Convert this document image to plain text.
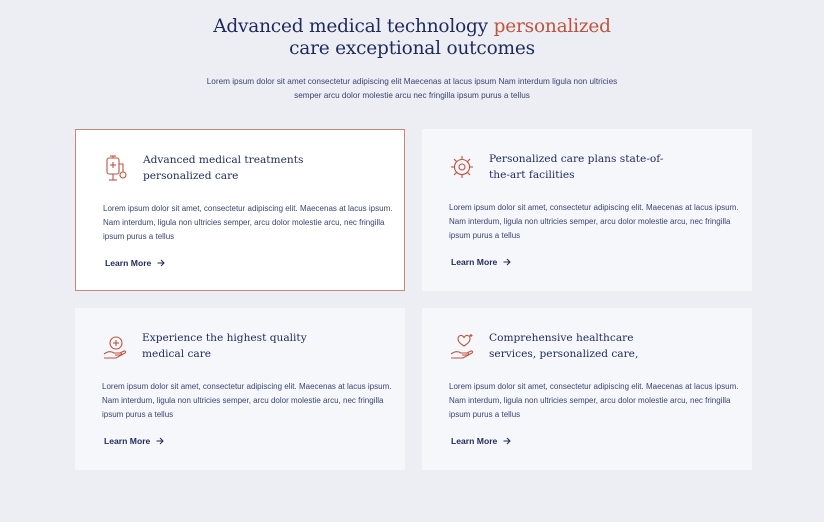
Advanced medical technology personalized
care exceptional outcomes
Lorem ipsum dolor sit amet consectetur adipiscing elit Maecenas at lacus ipsum Nam interdum ligula non ultricies semper arcu dolor molestie arcu nec fringilla ipsum purus a tellus
Advanced medical treatments
personalized care
Lorem ipsum dolor sit amet, consectetur adipiscing elit. Maecenas at lacus ipsum. Nam interdum, ligula non ultricies semper, arcu dolor molestie arcu, nec fringilla ipsum purus a tellus
Learn More
Personalized care plans state-of-
the-art facilities
Lorem ipsum dolor sit amet, consectetur adipiscing elit. Maecenas at lacus ipsum. Nam interdum, ligula non ultricies semper, arcu dolor molestie arcu, nec fringilla ipsum purus a tellus
Learn More
Experience the highest quality
medical care
Lorem ipsum dolor sit amet, consectetur adipiscing elit. Maecenas at lacus ipsum. Nam interdum, ligula non ultricies semper, arcu dolor molestie arcu, nec fringilla ipsum purus a tellus
Learn More
Comprehensive healthcare
services, personalized care,
Lorem ipsum dolor sit amet, consectetur adipiscing elit. Maecenas at lacus ipsum. Nam interdum, ligula non ultricies semper, arcu dolor molestie arcu, nec fringilla ipsum purus a tellus
Learn More
